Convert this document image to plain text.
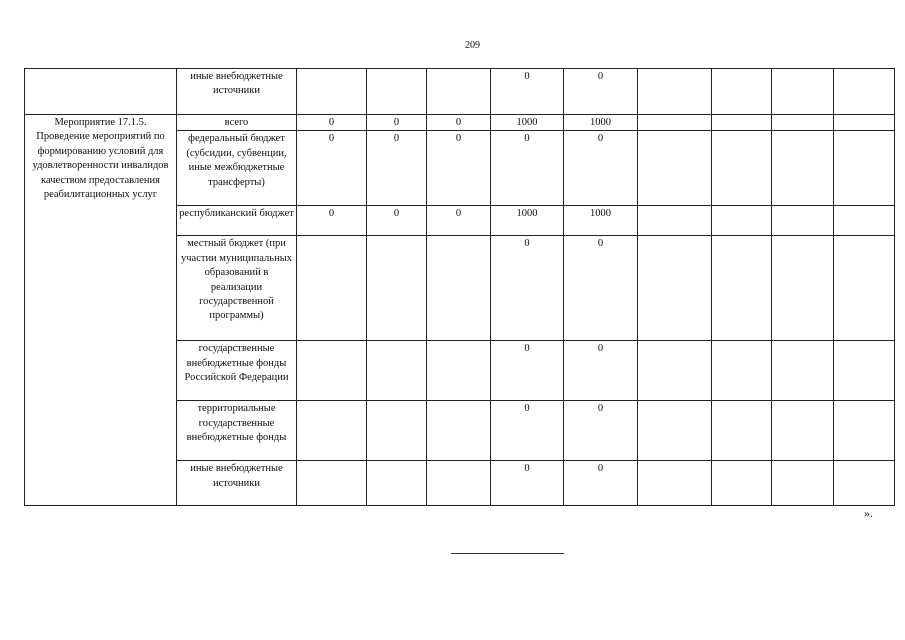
209
	иные внебюджетные источники				0	0				
Мероприятие 17.1.5. Проведение мероприятий по формированию условий для удовлетворенности инвалидов качеством предоставления реабилитационных услуг	всего	0	0	0	1000	1000				
	федеральный бюджет (субсидии, субвенции, иные межбюджетные трансферты)	0	0	0	0	0				
	республиканский бюджет	0	0	0	1000	1000				
	местный бюджет (при участии муниципальных образований в реализации государственной программы)				0	0				
	государственные внебюджетные фонды Российской Федерации				0	0				
	территориальные государственные внебюджетные фонды				0	0				
	иные внебюджетные источники				0	0				
».
